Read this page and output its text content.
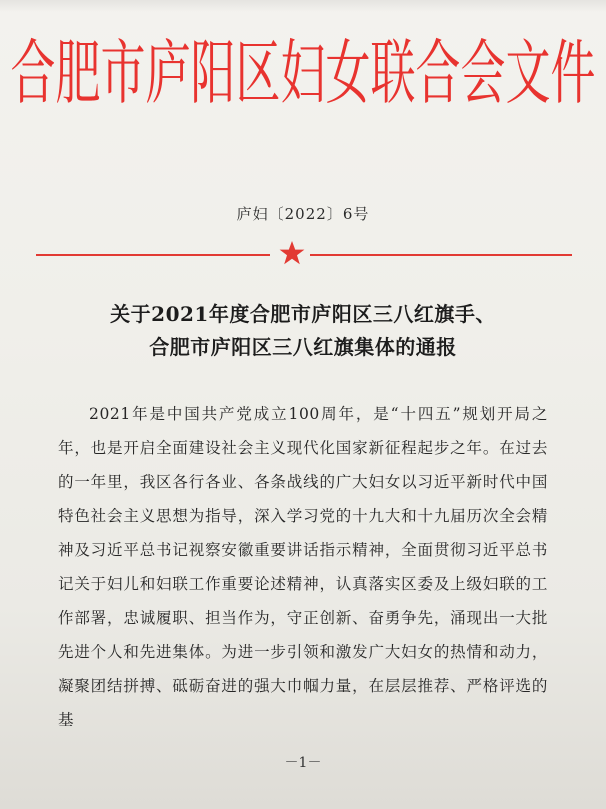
合肥市庐阳区妇女联合会文件
庐妇〔2022〕6号
关于2021年度合肥市庐阳区三八红旗手、
合肥市庐阳区三八红旗集体的通报
2021年是中国共产党成立100周年，是“十四五”规划开局之年，也是开启全面建设社会主义现代化国家新征程起步之年。在过去的一年里，我区各行各业、各条战线的广大妇女以习近平新时代中国特色社会主义思想为指导，深入学习党的十九大和十九届历次全会精神及习近平总书记视察安徽重要讲话指示精神，全面贯彻习近平总书记关于妇儿和妇联工作重要论述精神，认真落实区委及上级妇联的工作部署，忠诚履职、担当作为，守正创新、奋勇争先，涌现出一大批先进个人和先进集体。为进一步引领和激发广大妇女的热情和动力，凝聚团结拼搏、砥砺奋进的强大巾帼力量，在层层推荐、严格评选的基
－1－
